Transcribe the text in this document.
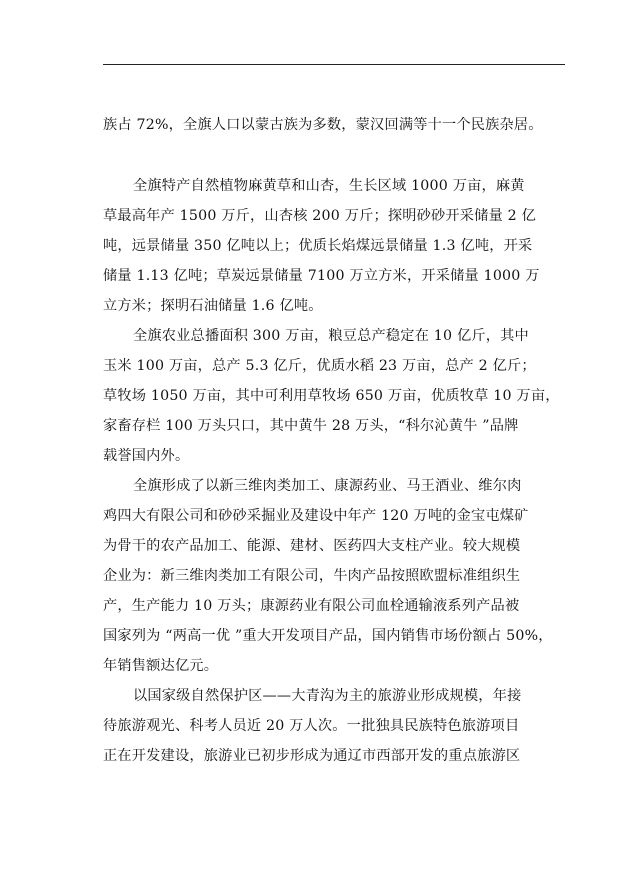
族占 72%，全旗人口以蒙古族为多数，蒙汉回满等十一个民族杂居。
全旗特产自然植物麻黄草和山杏，生长区域 1000 万亩，麻黄
草最高年产 1500 万斤，山杏核 200 万斤；探明砂砂开采储量 2 亿
吨，远景储量 350 亿吨以上；优质长焰煤远景储量 1.3 亿吨，开采
储量 1.13 亿吨；草炭远景储量 7100 万立方米，开采储量 1000 万
立方米；探明石油储量 1.6 亿吨。
全旗农业总播面积 300 万亩，粮豆总产稳定在 10 亿斤，其中
玉米 100 万亩，总产 5.3 亿斤，优质水稻 23 万亩，总产 2 亿斤；
草牧场 1050 万亩，其中可利用草牧场 650 万亩，优质牧草 10 万亩，
家畜存栏 100 万头只口，其中黄牛 28 万头，“科尔沁黄牛 ”品牌
载誉国内外。
全旗形成了以新三维肉类加工、康源药业、马王酒业、维尔肉
鸡四大有限公司和砂砂采掘业及建设中年产 120 万吨的金宝屯煤矿
为骨干的农产品加工、能源、建材、医药四大支柱产业。较大规模
企业为：新三维肉类加工有限公司，牛肉产品按照欧盟标准组织生
产，生产能力 10 万头；康源药业有限公司血栓通输液系列产品被
国家列为 “两高一优 ”重大开发项目产品，国内销售市场份额占 50%，
年销售额达亿元。
以国家级自然保护区——大青沟为主的旅游业形成规模，年接
待旅游观光、科考人员近 20 万人次。一批独具民族特色旅游项目
正在开发建设，旅游业已初步形成为通辽市西部开发的重点旅游区
